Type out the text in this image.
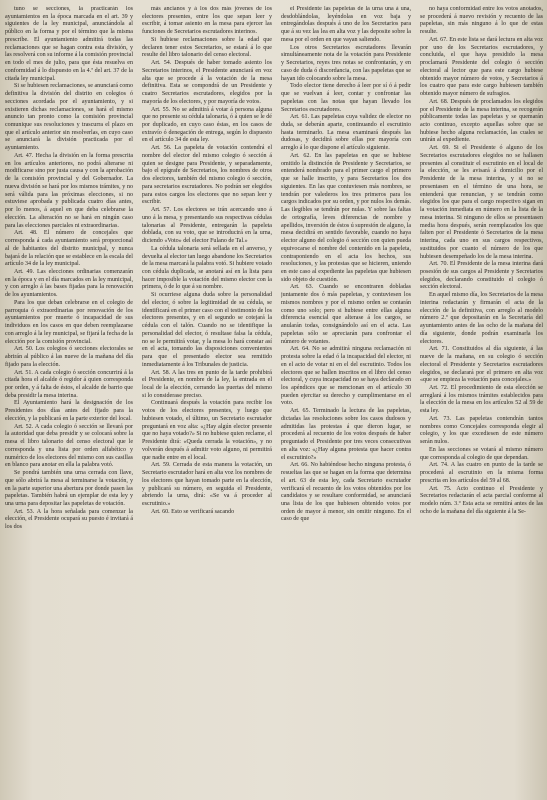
tuno se secciones, la practicarán los ayuntamientos en la época marcada en el art. 39 y siguientes de la ley municipal, anunciándola al público en la forma y por el término que la misma prescribe. El ayuntamiento admitirá todas las reclamaciones que se hagan contra esta división, y las resolverá con su informe á la comisión provincial en todo el mes de julio, para que ésta resuelva en conformidad á lo dispuesto en la 4.ª del art. 37 de la citada ley municipal.

Si se hubiesen reclamaciones, se anunciará como definitiva la división del distrito en colegios ó secciones acordada por el ayuntamiento, y si existieren dichas reclamaciones, se hará el mismo anuncio tan pronto como la comisión provincial comunique sus resoluciones y trascurra el plazo en que el artículo anterior sin resolverlas, en cuyo caso se anunciará la división practicada por el ayuntamiento.

Art. 47. Hecha la división en la forma prescrita en los artículos anteriores, no podrá alterarse ni modificarse sino por justa causa y con la aprobación de la comisión provincial y del Gobernador. La nueva división se hará por los mismos trámites, y no será válida para las próximas elecciones, si no estuviese aprobada y publicada cuatro días antes, por lo menos, á aquel en que deba celebrarse la elección. La alteración no se hará en ningún caso para las elecciones parciales ni extraordinarias.

Art. 48. El número de concejales que corresponda á cada ayuntamiento será proporcional al de habitantes del distrito municipal, y nunca bajará de la relación que se establece en la escala del artículo 34 de la ley municipal.

Art. 49. Las elecciones ordinarias comenzarán en la época y en el día marcados en la ley municipal, y con arreglo á las bases fijadas para la renovación de los ayuntamientos.

Para los que deban celebrarse en el colegio de parroquia ó extraordinarias por renovación de los ayuntamientos por muerte ó incapacidad de sus individuos en los casos en que deben reemplazarse con arreglo á la ley municipal, se fijará la fecha de la elección por la comisión provincial.

Art. 50. Los colegios ó secciones electorales se abrirán al público á las nueve de la mañana del día fijado para la elección.

Art. 51. A cada colegio ó sección concurrirá á la citada hora el alcalde ó regidor á quien corresponda por orden, y á falta de éstos, el alcalde de barrio que deba presidir la mesa interina.

El Ayuntamiento hará la designación de los Presidentes dos días antes del fijado para la elección, y la publicará en la parte exterior del local.

Art. 52. A cada colegio ó sección se llevará por la autoridad que deba presidir y se colocará sobre la mesa el libro talonario del censo electoral que le corresponda y una lista por orden alfabético y numérico de los electores del mismo con sus casillas en blanco para anotar en ella la palabra votó.

Se pondrá también una urna cerrada con llave, que sólo abrirá la mesa al terminarse la votación, y en la parte superior una abertura por donde pasen las papeletas. También habrá un ejemplar de esta ley y una urna para depositar las papeletas de votación.

Art. 53. A la hora señalada para comenzar la elección, el Presidente ocupará su puesto é invitará á los dos

más ancianos y á los dos más jóvenes de los electores presentes, entre los que sepan leer y escribir, á tomar asiento en la mesa para ejercer las funciones de Secretarios escrutadores interinos.

Si hubiese reclamaciones sobre la edad que declaren tener estos Secretarios, se estará á lo que resulte del libro talonario del censo electoral.

Art. 54. Después de haber tomado asiento los Secretarios interinos, el Presidente anunciará en voz alta que se procede á la votación de la mesa definitiva. Esta se compondrá de un Presidente y cuatro Secretarios escrutadores, elegidos por la mayoría de los electores, y por mayoría de votos.

Art. 55. No se admitirá á votar á persona alguna que no presente su cédula talonaria, ó á quien se le dé por duplicado, en cuyo caso éstas, en los casos de extravío ó denegación de entrega, según lo dispuesto en el artículo 34 de esta ley.

Art. 56. La papeleta de votación contendrá el nombre del elector del mismo colegio ó sección á quien se designe para Presidente, y separadamente, bajo el epígrafe de Secretarios, los nombres de otros dos electores, también del mismo colegio ó sección, para secretarios escrutadores. No podrán ser elegidos para estos cargos los electores que no sepan leer y escribir.

Art. 57. Los electores se irán acercando uno á uno á la mesa, y presentando sus respectivas cédulas talonarias al Presidente, entregarán la papeleta doblada, con su voto, que se introducirá en la urna, diciendo «Voto» del elector Fulano de Tal.»

La cédula talonaria será sellada en el anverso, y devuelta al elector tan luego abandone los Secretarios de la mesa marcará la palabra votó. Si hubiere votado con cédula duplicada, se anotará así en la lista para hacer imposible la votación del mismo elector con la primera, ó de lo que á su nombre.

Si ocurriese alguna duda sobre la personalidad del elector, ó sobre la legitimidad de su cédula, se identificará en el primer caso con el testimonio de los electores presentes, y en el segundo se cotejará la cédula con el talón. Cuando no se identifique la personalidad del elector, ó resultase falsa la cédula, no se le permitirá votar, y la mesa lo hará constar así en el acta, tomando las disposiciones convenientes para que el presentado elector sea remitido inmediatamente á los Tribunales de justicia.

Art. 58. A las tres en punto de la tarde prohibirá el Presidente, en nombre de la ley, la entrada en el local de la elección, cerrando las puertas del mismo si lo considerase preciso.

Continuará después la votación para recibir los votos de los electores presentes, y luego que hubiesen votado, el último, un Secretario escrutador preguntará en voz alta: «¿Hay algún elector presente que no haya votado?» Si no hubiese quien reclame, el Presidente dirá: «Queda cerrada la votación», y no volverán después á admitir voto alguno, ni permitirá que nadie entre en el local.

Art. 59. Cerrada de esta manera la votación, un Secretario escrutador hará en alta voz los nombres de los electores que hayan tomado parte en la elección, y publicará su número, en seguida el Presidente, abriendo la urna, dirá: «Se va á proceder al escrutinio.»

Art. 60. Esto se verificará sacando

el Presidente las papeletas de la urna una á una, desdoblándolas, leyéndolas en voz baja y entregándolas después á uno de los Secretarios para que á su vez las lea en alta voz y las deposite sobre la mesa por el orden en que vayan saliendo.

Los otros Secretarios escrutadores llevarán simultáneamente nota de la votación para Presidente y Secretarios, reyes tres notas se confrontarán, y en caso de duda ó discordancia, con las papeletas que se hayan ido colocando sobre la mesa.

Todo elector tiene derecho á leer por sí ó á pedir que se vuelvan á leer, contar y confrontar las papeletas con las notas que hayan llevado los Secretarios escrutadores.

Art. 61. Las papeletas cuya validez de elector no duda, se deberán aparte, continuando el escrutinio hasta terminarlo. La mesa examinará después las dudosas, y decidirá sobre ellas por mayoría con arreglo á lo que dispone el artículo siguiente.

Art. 62. En las papeletas en que se hubiese omitido la distinción de Presidente y Secretarios, se entenderá nombrado para el primer cargo el primero que se halle inscrito, y para Secretarios los dos siguientes. En las que contuviesen más nombres, se tendrán por valederos los tres primeros para los cargos indicados por su orden, y por nulos los demás. Las ilegibles se tendrán por nulas. Y sobre las faltas de ortografía, leves diferencias de nombre y apellidos, inversión de éstos ú supresión de alguno, la mesa decidirá en sentido favorable, cuando no haya elector alguno del colegio ó sección con quien pueda equivocarse el nombre del contenido en la papeleta, contraponiendo en el acta los hechos, sus resoluciones, y las protestas que se hicieren, uniendo en este caso al expediente las papeletas que hubiesen sido objeto de cuestión.

Art. 63. Cuando se encontraren dobladas juntamente dos ó más papeletas, y contuviesen los mismos nombres y por el mismo orden se contarán como uno solo; pero si hubiese entre ellas alguna diferencia esencial que alterase á los cargos, se anularán todas, consignándolo así en el acta. Las papeletas sólo se apreciarán para confrontar el número de votantes.

Art. 64. No se admitirá ninguna reclamación ni protesta sobre la edad ó la incapacidad del elector, ni en el acto de votar ni en el del escrutinio. Todos los electores que se hallen inscritos en el libro del censo electoral, y cuya incapacidad no se haya declarado en los apéndices que se mencionan en el artículo 30 pueden ejercitar su derecho y cumplimentarse en el voto.

Art. 65. Terminado la lectura de las papeletas, dictadas las resoluciones sobre los casos dudosos y admitidas las protestas á que dieron lugar, se procederá al recuento de los votos después de haber preguntado el Presidente por tres veces consecutivas en alta voz: «¿Hay alguna protesta que hacer contra el escrutinio?»

Art. 66. No habiéndose hecho ninguna protesta, ó resueltas las que se hagan en la forma que determina el art. 63 de esta ley, cada Secretario escrutador verificará el recuento de los votos obtenidos por los candidatos y se resultare conformidad, se anunciará una lista de los que hubiesen obtenido votos por orden de mayor á menor, sin omitir ninguno. En el caso de que

no haya conformidad entre los votos anotados, se procederá á nuevo revisión y recuento de las papeletas, sin más ninguno á lo que de estas resulte.

Art. 67. En este lista se dará lectura en alta voz por uno de los Secretarios escrutadores, y concluida, el que haya presidido la mesa proclamará Presidente del colegio ó sección electoral al lector que para este cargo hubiese obtenido mayor número de votos, y Secretarios á los cuatro que para este cargo hubiesen también obtenido mayor número de sufragios.

Art. 68. Después de proclamados los elegidos por el Presidente de la mesa interina, se recogerán públicamente todas las papeletas y se quemarán acto continuo, excepto aquellas sobre que se hubiese hecho alguna reclamación, las cuales se unirán al expediente.

Art. 69. Si el Presidente ó alguno de los Secretarios escrutadores elegidos no se hallasen presentes al constituir el escrutinio en el local de la elección, se les avisará á domicilio por el Presidente de la mesa interina, y si no se presentasen en el término de una hora, se entenderá que renuncian, y se tendrán como elegidos los que para el cargo respectivo sigan en la votación inmediata en número en la lista de la mesa interina. Si ninguno de ellos se presentasen media hora después, serán reemplazados los que falten por el Presidente ó Secretarios de la mesa interina, cada uno en sus cargos respectivos, sustituidos por cuanto el número de los que hubiesen desempeñado los de la mesa interina.

Art. 70. El Presidente de la mesa interina dará posesión de sus cargos al Presidente y Secretarios elegidos, declarando constituido el colegio ó sección electoral.

En aquel mismo día, los Secretarios de la mesa interina redactarán y firmarán el acta de la elección de la definitiva, con arreglo al modelo número 2.º que depositarán en la Secretaría del ayuntamiento antes de las ocho de la mañana del día siguiente, donde podrán examinarla los electores.

Art. 71. Constituidos al día siguiente, á las nueve de la mañana, en su colegio ó sección electoral el Presidente y Secretarios escrutadores elegidos, se declarará por el primero en alta voz «que se empieza la votación para concejales.»

Art. 72. El procedimiento de esta elección se arreglará á los mismos trámites establecidos para la elección de la mesa en los artículos 52 al 59 de esta ley.

Art. 73. Las papeletas contendrán tantos nombres como Concejales corresponda elegir al colegio, y los que excediesen de este número serán nulos.

En las secciones se votará al mismo número que corresponda al colegio de que dependan.

Art. 74. A las cuatro en punto de la tarde se procederá al escrutinio en la misma forma prescrita en los artículos del 59 al 68.

Art. 75. Acto continuo el Presidente y Secretarios redactarán el acta parcial conforme al modelo núm. 3.º Esta acta se remitirá antes de las ocho de la mañana del día siguiente á la Se-
